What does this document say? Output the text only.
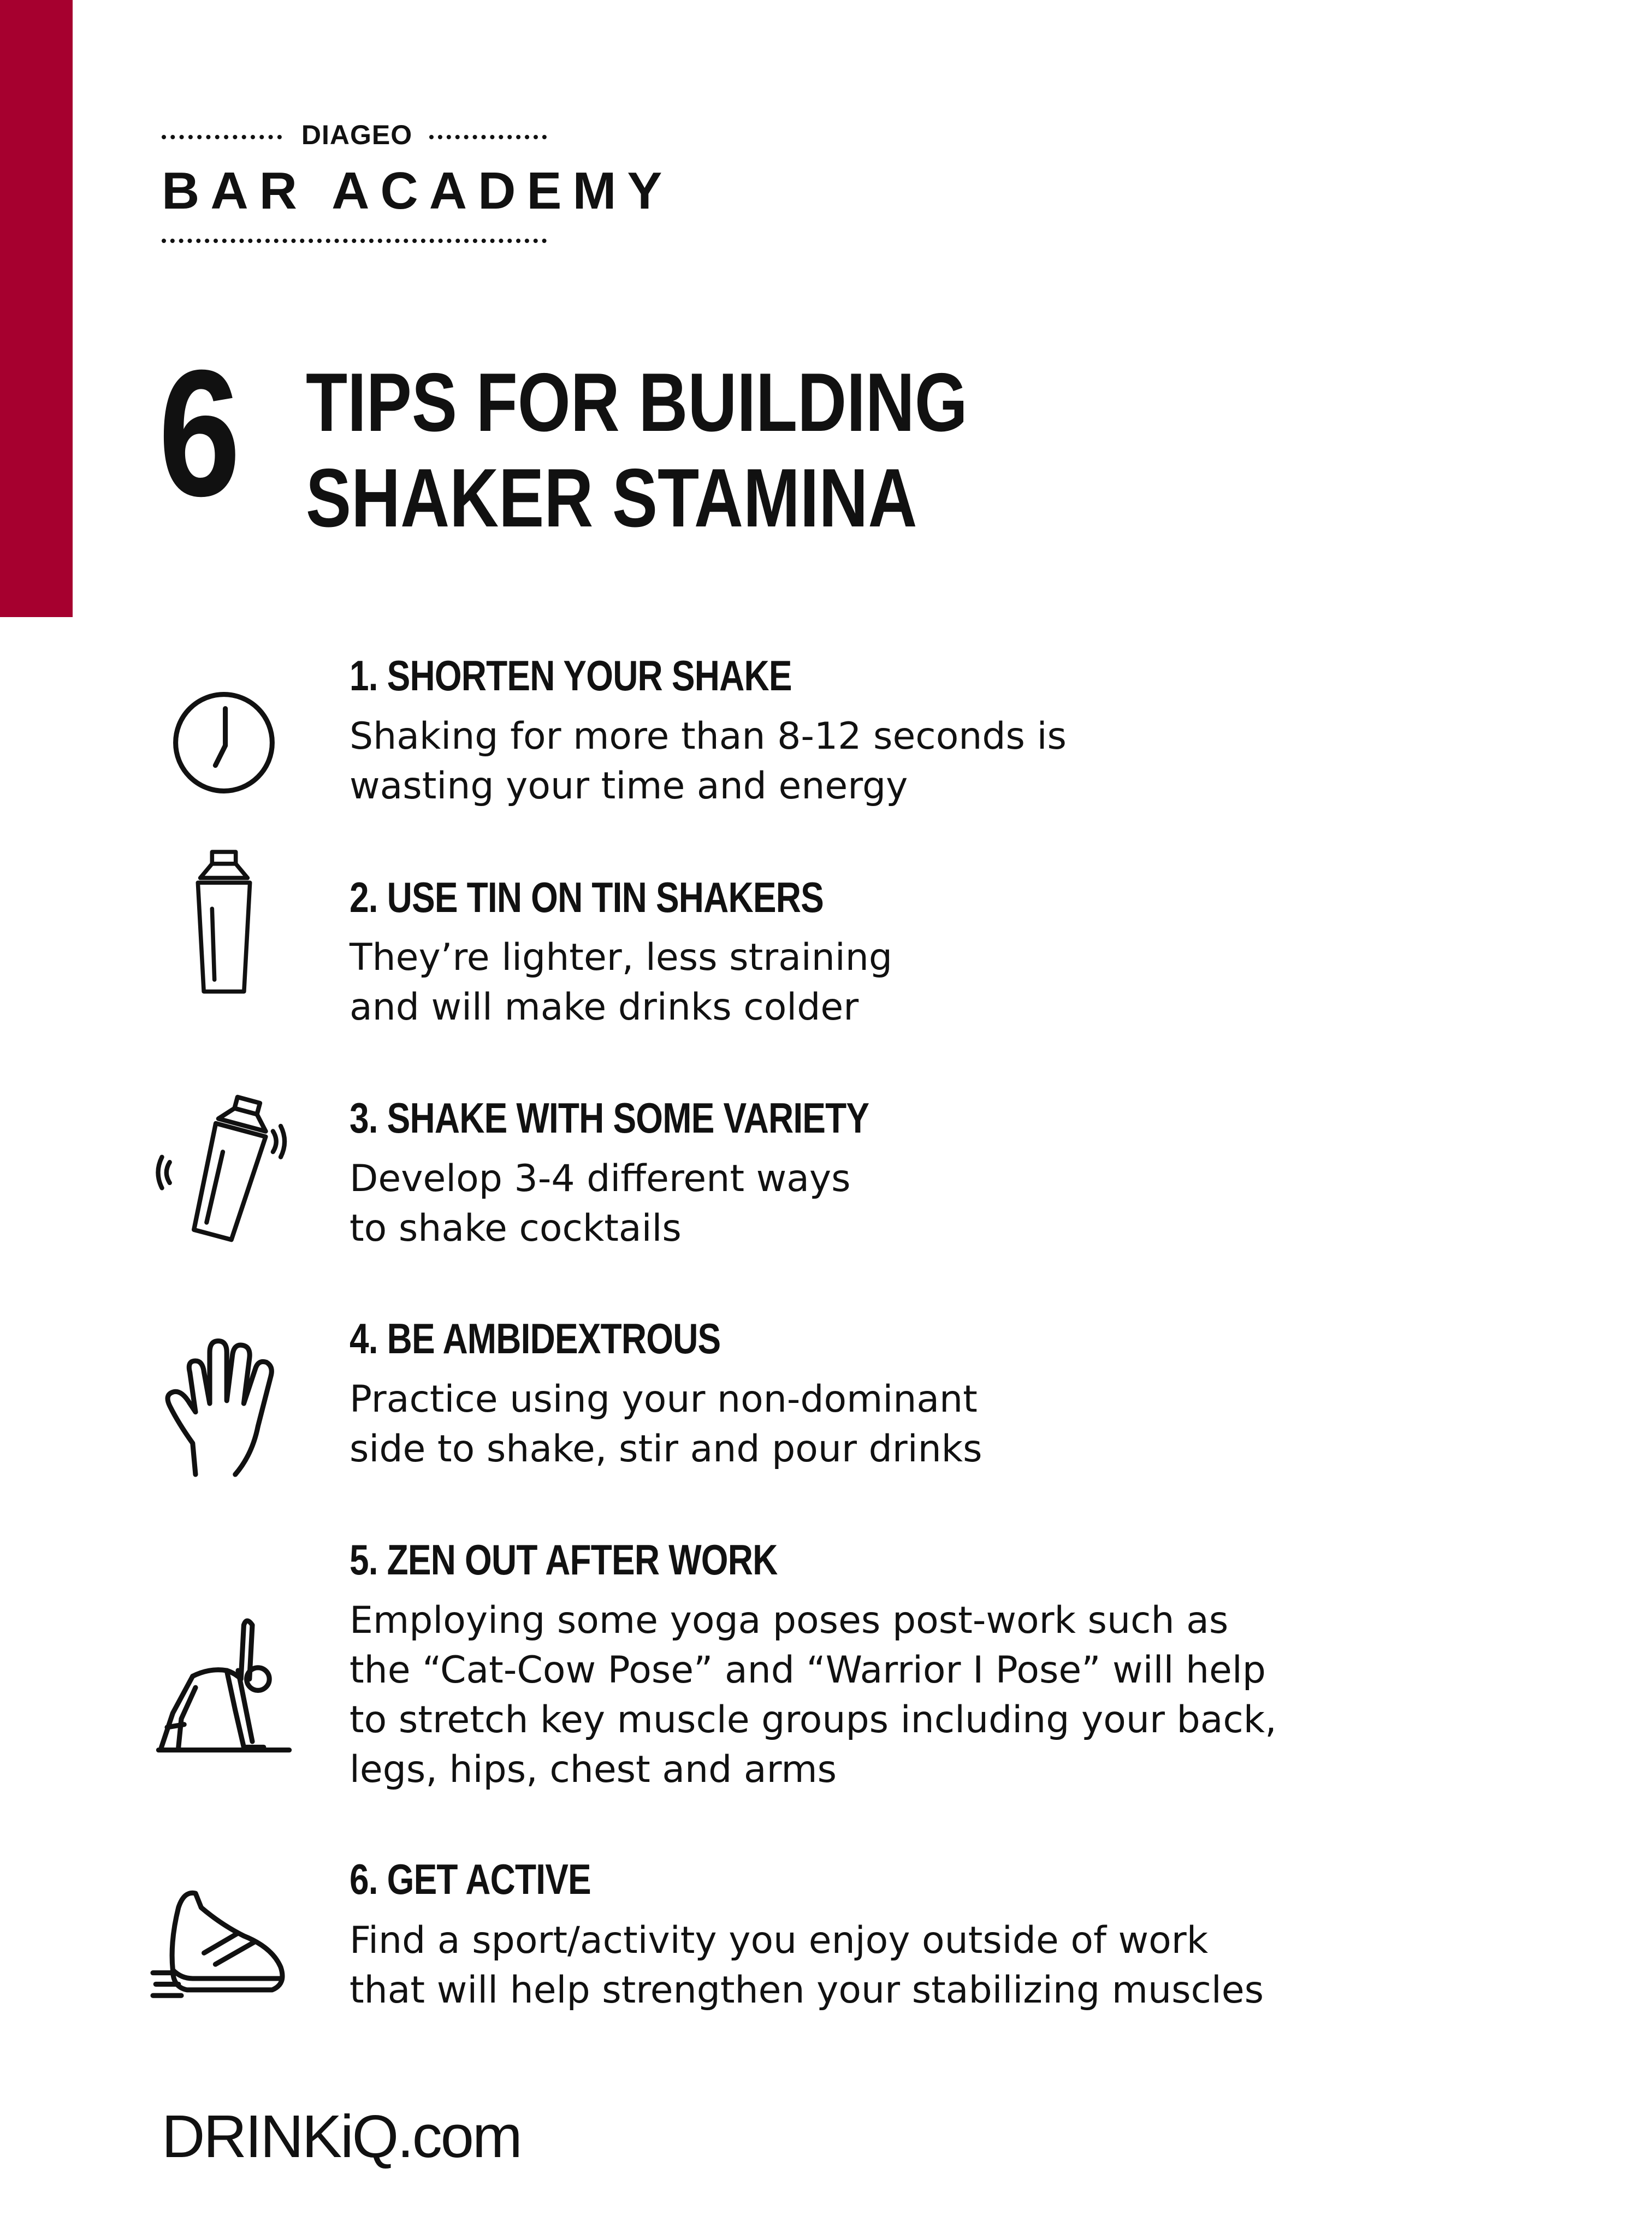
DIAGEO
BAR ACADEMY
6 TIPS FOR BUILDING
SHAKER STAMINA
1. SHORTEN YOUR SHAKE
Shaking for more than 8-12 seconds is
wasting your time and energy
2. USE TIN ON TIN SHAKERS
They’re lighter, less straining
and will make drinks colder
3. SHAKE WITH SOME VARIETY
Develop 3-4 different ways
to shake cocktails
4. BE AMBIDEXTROUS
Practice using your non-dominant
side to shake, stir and pour drinks
5. ZEN OUT AFTER WORK
Employing some yoga poses post-work such as
the “Cat-Cow Pose” and “Warrior I Pose” will help
to stretch key muscle groups including your back,
legs, hips, chest and arms
6. GET ACTIVE
Find a sport/activity you enjoy outside of work
that will help strengthen your stabilizing muscles
DRINKiQ.com
